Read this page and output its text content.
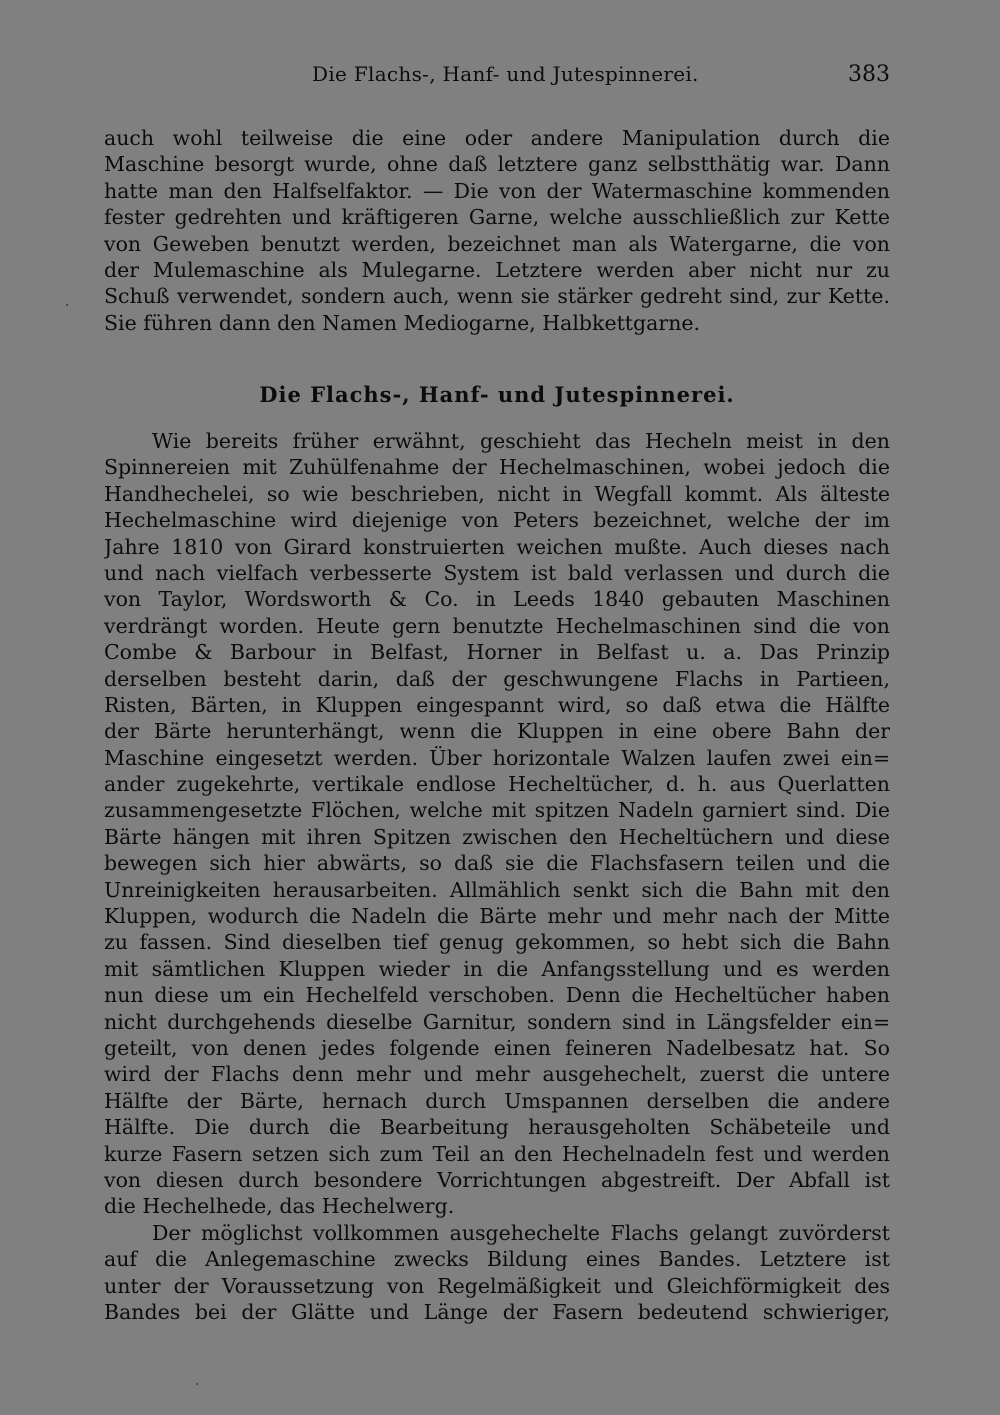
Die Flachs-, Hanf- und Jutespinnerei.	383
auch wohl teilweise die eine oder andere Manipulation durch die
Maschine besorgt wurde, ohne daß letztere ganz selbstthätig war. Dann
hatte man den Halfselfaktor. — Die von der Watermaschine kommenden
fester gedrehten und kräftigeren Garne, welche ausschließlich zur Kette
von Geweben benutzt werden, bezeichnet man als Watergarne, die von
der Mulemaschine als Mulegarne. Letztere werden aber nicht nur zu
Schuß verwendet, sondern auch, wenn sie stärker gedreht sind, zur Kette.
Sie führen dann den Namen Mediogarne, Halbkettgarne.
Die Flachs-, Hanf- und Jutespinnerei.
Wie bereits früher erwähnt, geschieht das Hecheln meist in den
Spinnereien mit Zuhülfenahme der Hechelmaschinen, wobei jedoch die
Handhechelei, so wie beschrieben, nicht in Wegfall kommt. Als älteste
Hechelmaschine wird diejenige von Peters bezeichnet, welche der im
Jahre 1810 von Girard konstruierten weichen mußte. Auch dieses nach
und nach vielfach verbesserte System ist bald verlassen und durch die
von Taylor, Wordsworth & Co. in Leeds 1840 gebauten Maschinen
verdrängt worden. Heute gern benutzte Hechelmaschinen sind die von
Combe & Barbour in Belfast, Horner in Belfast u. a. Das Prinzip
derselben besteht darin, daß der geschwungene Flachs in Partieen,
Risten, Bärten, in Kluppen eingespannt wird, so daß etwa die Hälfte
der Bärte herunterhängt, wenn die Kluppen in eine obere Bahn der
Maschine eingesetzt werden. Über horizontale Walzen laufen zwei ein=
ander zugekehrte, vertikale endlose Hecheltücher, d. h. aus Querlatten
zusammengesetzte Flöchen, welche mit spitzen Nadeln garniert sind. Die
Bärte hängen mit ihren Spitzen zwischen den Hecheltüchern und diese
bewegen sich hier abwärts, so daß sie die Flachsfasern teilen und die
Unreinigkeiten herausarbeiten. Allmählich senkt sich die Bahn mit den
Kluppen, wodurch die Nadeln die Bärte mehr und mehr nach der Mitte
zu fassen. Sind dieselben tief genug gekommen, so hebt sich die Bahn
mit sämtlichen Kluppen wieder in die Anfangsstellung und es werden
nun diese um ein Hechelfeld verschoben. Denn die Hecheltücher haben
nicht durchgehends dieselbe Garnitur, sondern sind in Längsfelder ein=
geteilt, von denen jedes folgende einen feineren Nadelbesatz hat. So
wird der Flachs denn mehr und mehr ausgehechelt, zuerst die untere
Hälfte der Bärte, hernach durch Umspannen derselben die andere
Hälfte. Die durch die Bearbeitung herausgeholten Schäbeteile und
kurze Fasern setzen sich zum Teil an den Hechelnadeln fest und werden
von diesen durch besondere Vorrichtungen abgestreift. Der Abfall ist
die Hechelhede, das Hechelwerg.
Der möglichst vollkommen ausgehechelte Flachs gelangt zuvörderst
auf die Anlegemaschine zwecks Bildung eines Bandes. Letztere ist
unter der Voraussetzung von Regelmäßigkeit und Gleichförmigkeit des
Bandes bei der Glätte und Länge der Fasern bedeutend schwieriger,
